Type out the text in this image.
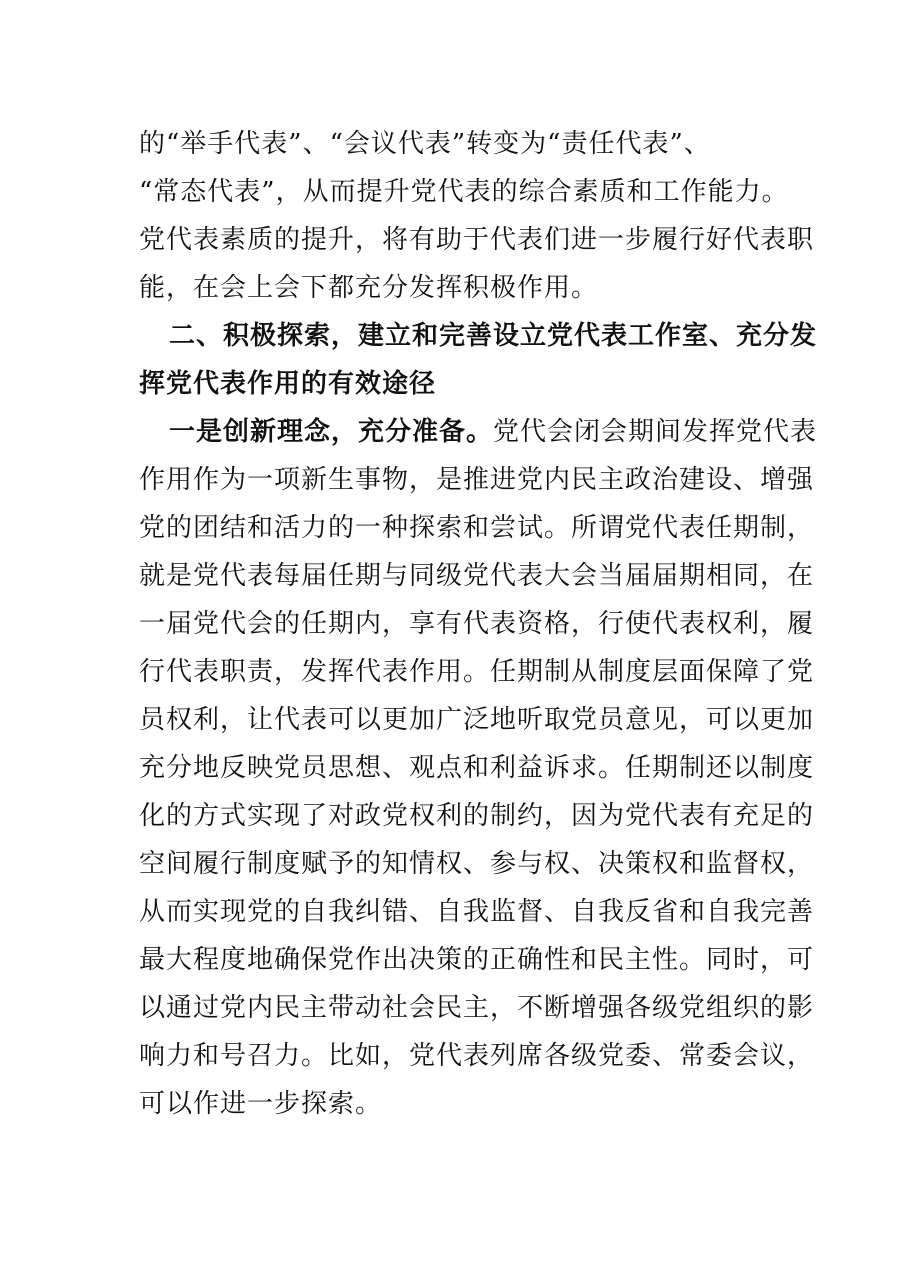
的“举手代表”、“会议代表”转变为“责任代表”、
“常态代表”，从而提升党代表的综合素质和工作能力。
党代表素质的提升，将有助于代表们进一步履行好代表职
能，在会上会下都充分发挥积极作用。
二、积极探索，建立和完善设立党代表工作室、充分发
挥党代表作用的有效途径
一是创新理念，充分准备。党代会闭会期间发挥党代表
作用作为一项新生事物，是推进党内民主政治建设、增强
党的团结和活力的一种探索和尝试。所谓党代表任期制，
就是党代表每届任期与同级党代表大会当届届期相同，在
一届党代会的任期内，享有代表资格，行使代表权利，履
行代表职责，发挥代表作用。任期制从制度层面保障了党
员权利，让代表可以更加广泛地听取党员意见，可以更加
充分地反映党员思想、观点和利益诉求。任期制还以制度
化的方式实现了对政党权利的制约，因为党代表有充足的
空间履行制度赋予的知情权、参与权、决策权和监督权，
从而实现党的自我纠错、自我监督、自我反省和自我完善
最大程度地确保党作出决策的正确性和民主性。同时，可
以通过党内民主带动社会民主，不断增强各级党组织的影
响力和号召力。比如，党代表列席各级党委、常委会议，
可以作进一步探索。
